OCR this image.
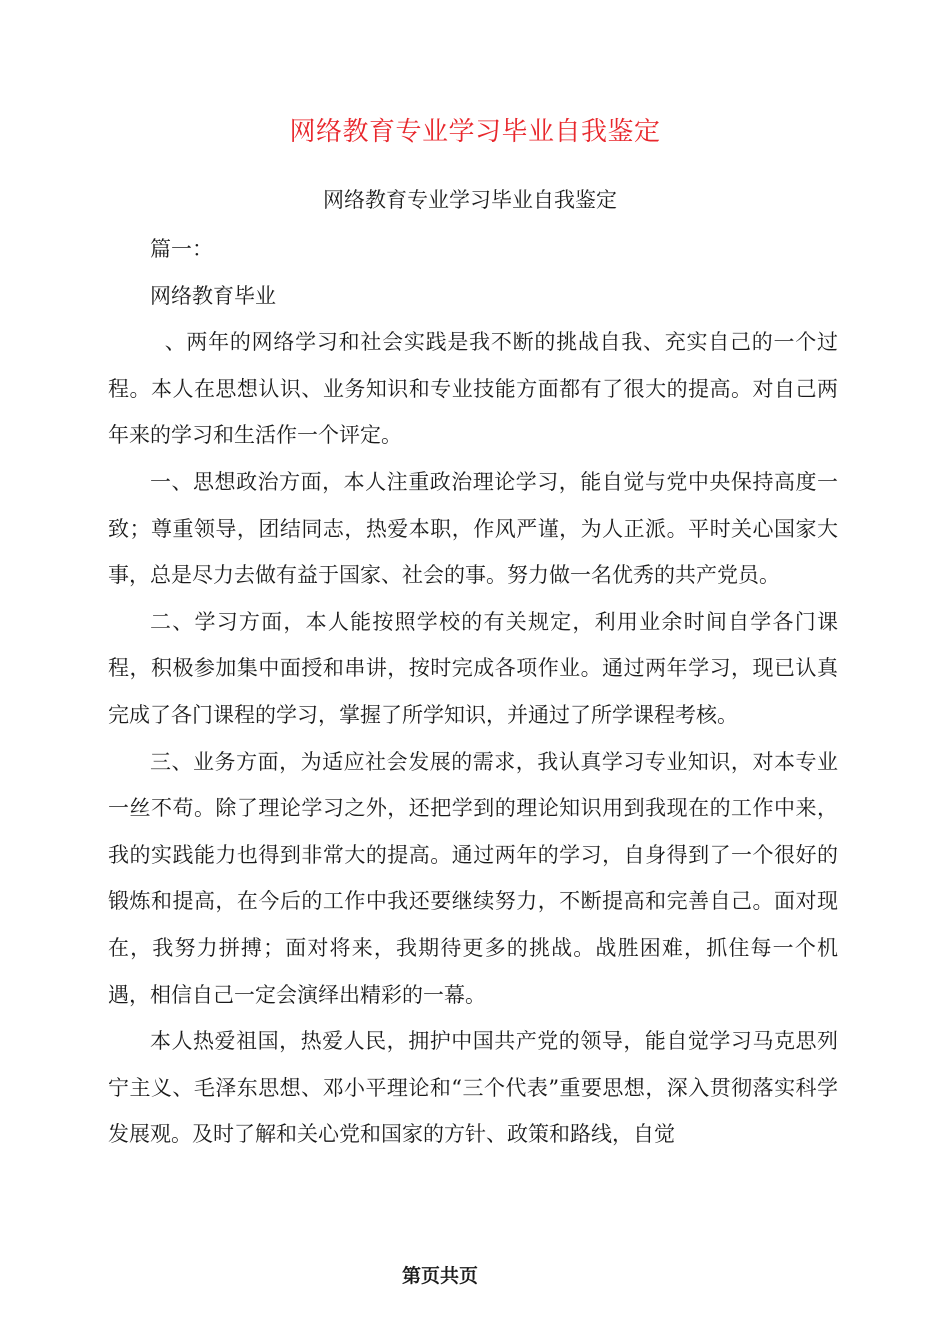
网络教育专业学习毕业自我鉴定
网络教育专业学习毕业自我鉴定

篇一：

网络教育毕业

、两年的网络学习和社会实践是我不断的挑战自我、充实自己的一个过程。本人在思想认识、业务知识和专业技能方面都有了很大的提高。对自己两年来的学习和生活作一个评定。

一、思想政治方面，本人注重政治理论学习，能自觉与党中央保持高度一致；尊重领导，团结同志，热爱本职，作风严谨，为人正派。平时关心国家大事，总是尽力去做有益于国家、社会的事。努力做一名优秀的共产党员。

二、学习方面，本人能按照学校的有关规定，利用业余时间自学各门课程，积极参加集中面授和串讲，按时完成各项作业。通过两年学习，现已认真完成了各门课程的学习，掌握了所学知识，并通过了所学课程考核。

三、业务方面，为适应社会发展的需求，我认真学习专业知识，对本专业一丝不苟。除了理论学习之外，还把学到的理论知识用到我现在的工作中来，我的实践能力也得到非常大的提高。通过两年的学习，自身得到了一个很好的锻炼和提高，在今后的工作中我还要继续努力，不断提高和完善自己。面对现在，我努力拼搏；面对将来，我期待更多的挑战。战胜困难，抓住每一个机遇，相信自己一定会演绎出精彩的一幕。

本人热爱祖国，热爱人民，拥护中国共产党的领导，能自觉学习马克思列宁主义、毛泽东思想、邓小平理论和“三个代表”重要思想，深入贯彻落实科学发展观。及时了解和关心党和国家的方针、政策和路线，自觉

第页共页
